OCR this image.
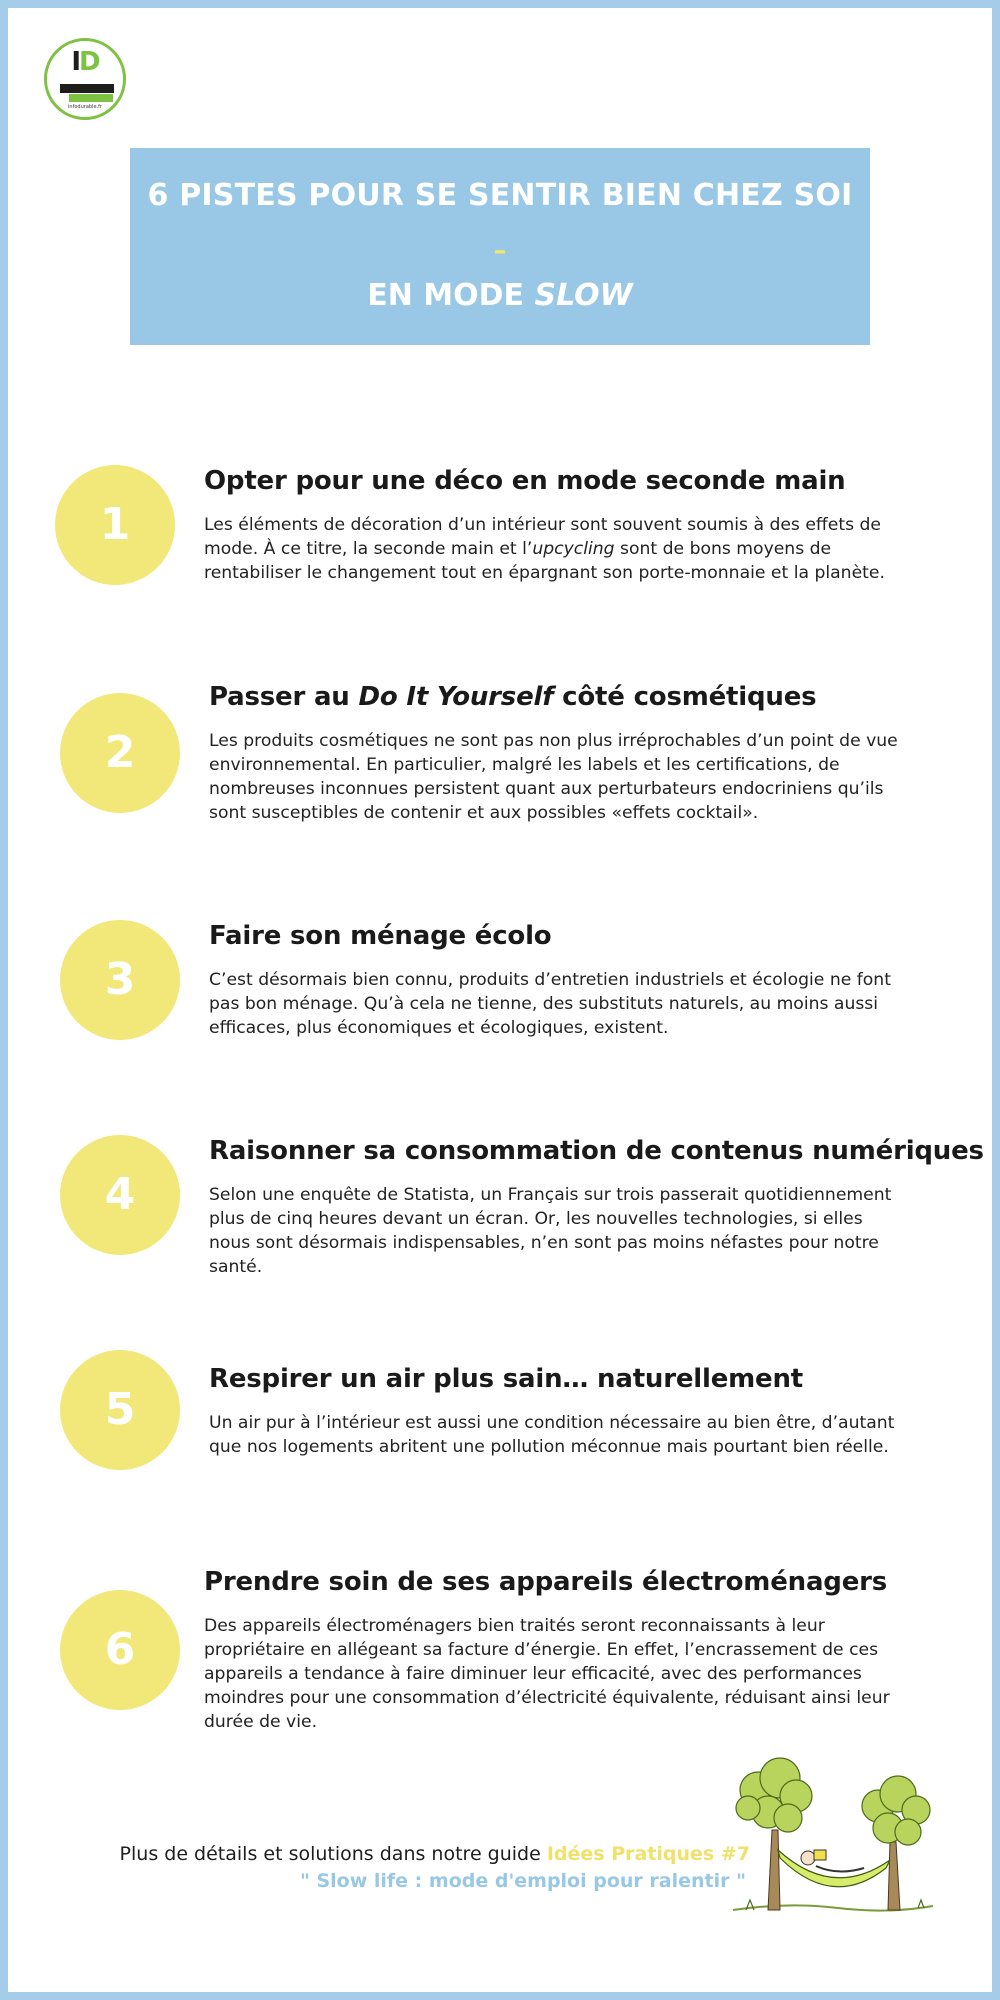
ID
infodurable.fr
6 PISTES POUR SE SENTIR BIEN CHEZ SOI
–
EN MODE SLOW
1
Opter pour une déco en mode seconde main
Les éléments de décoration d’un intérieur sont souvent soumis à des effets de mode. À ce titre, la seconde main et l’upcycling sont de bons moyens de rentabiliser le changement tout en épargnant son porte-monnaie et la planète.
2
Passer au Do It Yourself côté cosmétiques
Les produits cosmétiques ne sont pas non plus irréprochables d’un point de vue environnemental. En particulier, malgré les labels et les certifications, de nombreuses inconnues persistent quant aux perturbateurs endocriniens qu’ils sont susceptibles de contenir et aux possibles «effets cocktail».
3
Faire son ménage écolo
C’est désormais bien connu, produits d’entretien industriels et écologie ne font pas bon ménage. Qu’à cela ne tienne, des substituts naturels, au moins aussi efficaces, plus économiques et écologiques, existent.
4
Raisonner sa consommation de contenus numériques
Selon une enquête de Statista, un Français sur trois passerait quotidiennement plus de cinq heures devant un écran. Or, les nouvelles technologies, si elles nous sont désormais indispensables, n’en sont pas moins néfastes pour notre santé.
5
Respirer un air plus sain… naturellement
Un air pur à l’intérieur est aussi une condition nécessaire au bien être, d’autant que nos logements abritent une pollution méconnue mais pourtant bien réelle.
6
Prendre soin de ses appareils électroménagers
Des appareils électroménagers bien traités seront reconnaissants à leur propriétaire en allégeant sa facture d’énergie. En effet, l’encrassement de ces appareils a tendance à faire diminuer leur efficacité, avec des performances moindres pour une consommation d’électricité équivalente, réduisant ainsi leur durée de vie.
Plus de détails et solutions dans notre guide Idées Pratiques #7
" Slow life : mode d'emploi pour ralentir "
